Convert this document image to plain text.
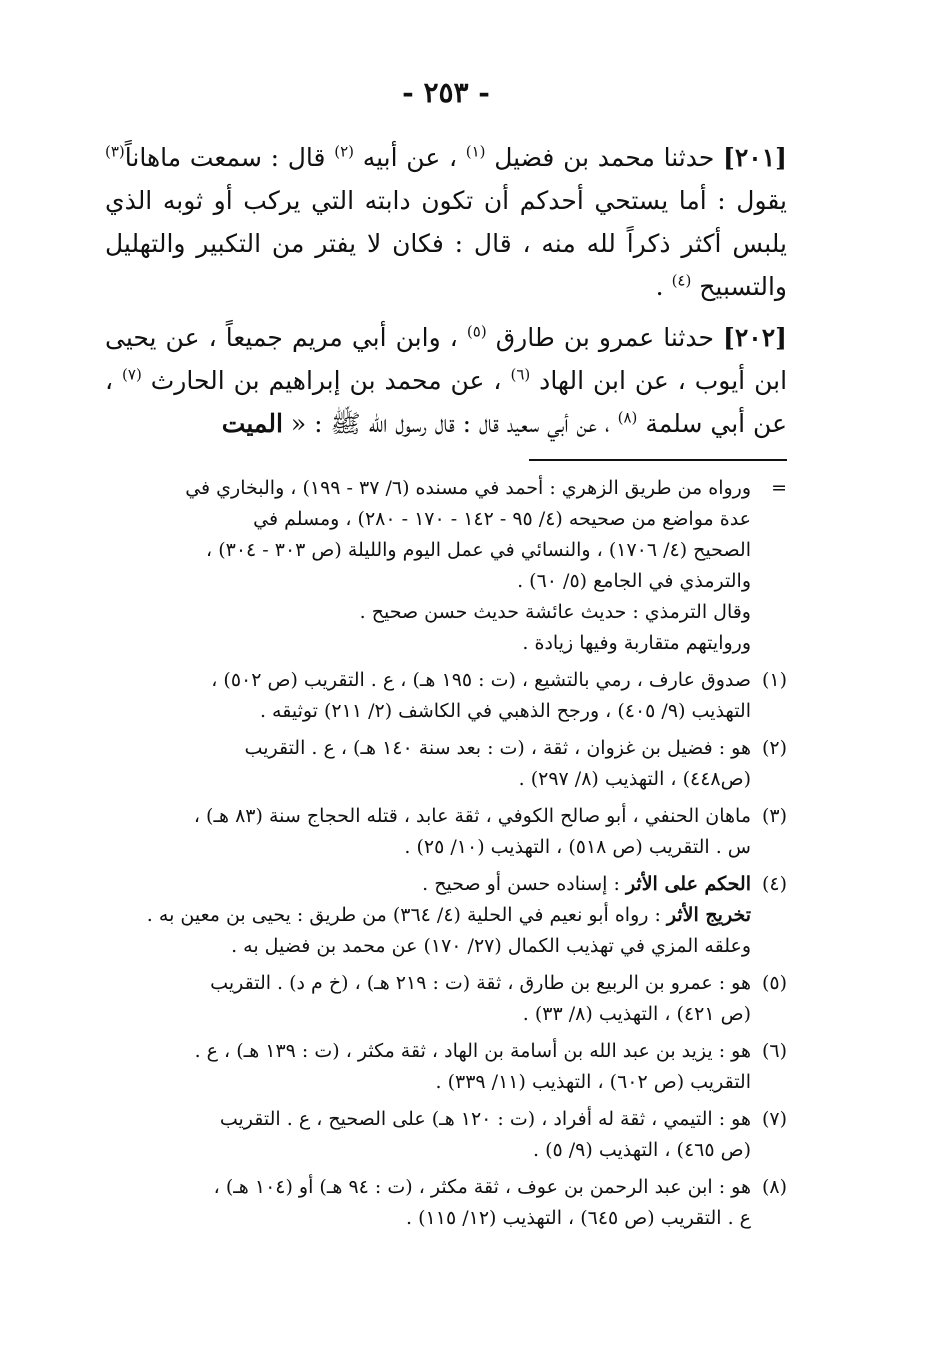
- ٢٥٣ -

[٢٠١] حدثنا محمد بن فضيل $^{(١)}$ ، عن أبيه $^{(٢)}$ قال : سمعت ماهاناً$^{(٣)}$ يقول : أما يستحي أحدكم أن تكون دابته التي يركب أو ثوبه الذي يلبس أكثر ذكراً لله منه ، قال : فكان لا يفتر من التكبير والتهليل والتسبيح $^{(٤)}$ .

[٢٠٢] حدثنا عمرو بن طارق $^{(٥)}$ ، وابن أبي مريم جميعاً ، عن يحيى ابن أيوب ، عن ابن الهاد $^{(٦)}$ ، عن محمد بن إبراهيم بن الحارث $^{(٧)}$ ، عن أبي سلمة $^{(٨)}$ ، عن أبي سعيد قال : قال رسول الله ﷺ : « الميت

=
ورواه من طريق الزهري : أحمد في مسنده (٦/ ٣٧ - ١٩٩) ، والبخاري في
عدة مواضع من صحيحه (٤/ ٩٥ - ١٤٢ - ١٧٠ - ٢٨٠) ، ومسلم في
الصحيح (٤/ ١٧٠٦) ، والنسائي في عمل اليوم والليلة (ص ٣٠٣ - ٣٠٤) ،
والترمذي في الجامع (٥/ ٦٠) .
وقال الترمذي : حديث عائشة حديث حسن صحيح .
وروايتهم متقاربة وفيها زيادة .
(١)
صدوق عارف ، رمي بالتشيع ، (ت : ١٩٥ هـ) ، ع . التقريب (ص ٥٠٢) ،
التهذيب (٩/ ٤٠٥) ، ورجح الذهبي في الكاشف (٢/ ٢١١) توثيقه .
(٢)
هو : فضيل بن غزوان ، ثقة ، (ت : بعد سنة ١٤٠ هـ) ، ع . التقريب
(ص٤٤٨) ، التهذيب (٨/ ٢٩٧) .
(٣)
ماهان الحنفي ، أبو صالح الكوفي ، ثقة عابد ، قتله الحجاج سنة (٨٣ هـ) ،
س . التقريب (ص ٥١٨) ، التهذيب (١٠/ ٢٥) .
(٤)
الحكم على الأثر : إسناده حسن أو صحيح .
تخريج الأثر : رواه أبو نعيم في الحلية (٤/ ٣٦٤) من طريق : يحيى بن معين به .
وعلقه المزي في تهذيب الكمال (٢٧/ ١٧٠) عن محمد بن فضيل به .
(٥)
هو : عمرو بن الربيع بن طارق ، ثقة (ت : ٢١٩ هـ) ، (خ م د) . التقريب
(ص ٤٢١) ، التهذيب (٨/ ٣٣) .
(٦)
هو : يزيد بن عبد الله بن أسامة بن الهاد ، ثقة مكثر ، (ت : ١٣٩ هـ) ، ع .
التقريب (ص ٦٠٢) ، التهذيب (١١/ ٣٣٩) .
(٧)
هو : التيمي ، ثقة له أفراد ، (ت : ١٢٠ هـ) على الصحيح ، ع . التقريب
(ص ٤٦٥) ، التهذيب (٩/ ٥) .
(٨)
هو : ابن عبد الرحمن بن عوف ، ثقة مكثر ، (ت : ٩٤ هـ) أو (١٠٤ هـ) ،
ع . التقريب (ص ٦٤٥) ، التهذيب (١٢/ ١١٥) .
